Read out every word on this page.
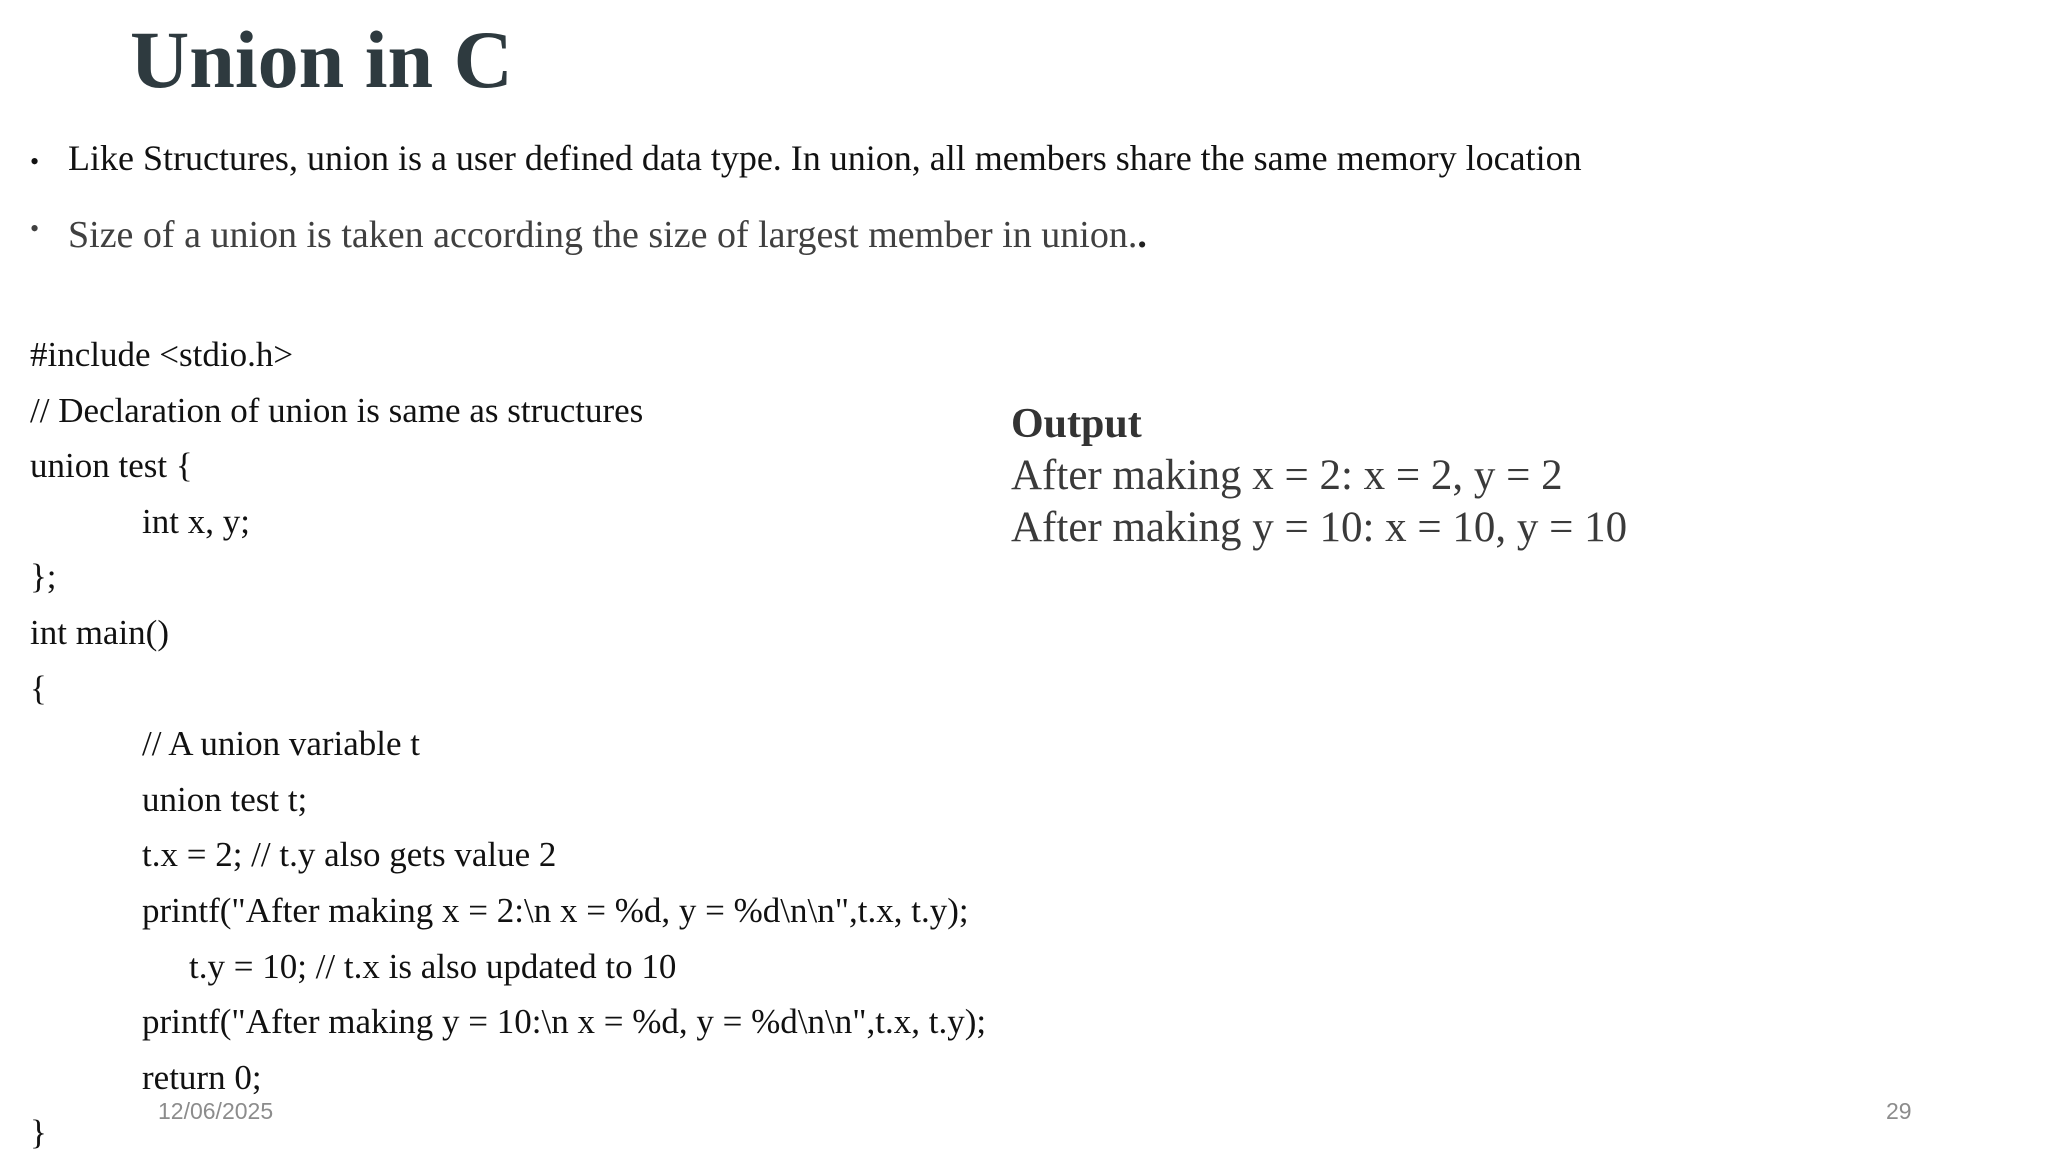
Union in C
• Like Structures, union is a user defined data type. In union, all members share the same memory location
• Size of a union is taken according the size of largest member in union..
#include <stdio.h>
// Declaration of union is same as structures
union test {
int x, y;
};
int main()
{
// A union variable t
union test t;
t.x = 2; // t.y also gets value 2
printf("After making x = 2:\n x = %d, y = %d\n\n",t.x, t.y);
t.y = 10; // t.x is also updated to 10
printf("After making y = 10:\n x = %d, y = %d\n\n",t.x, t.y);
return 0;
}
Output
After making x = 2: x = 2, y = 2
After making y = 10: x = 10, y = 10
12/06/2025	29
